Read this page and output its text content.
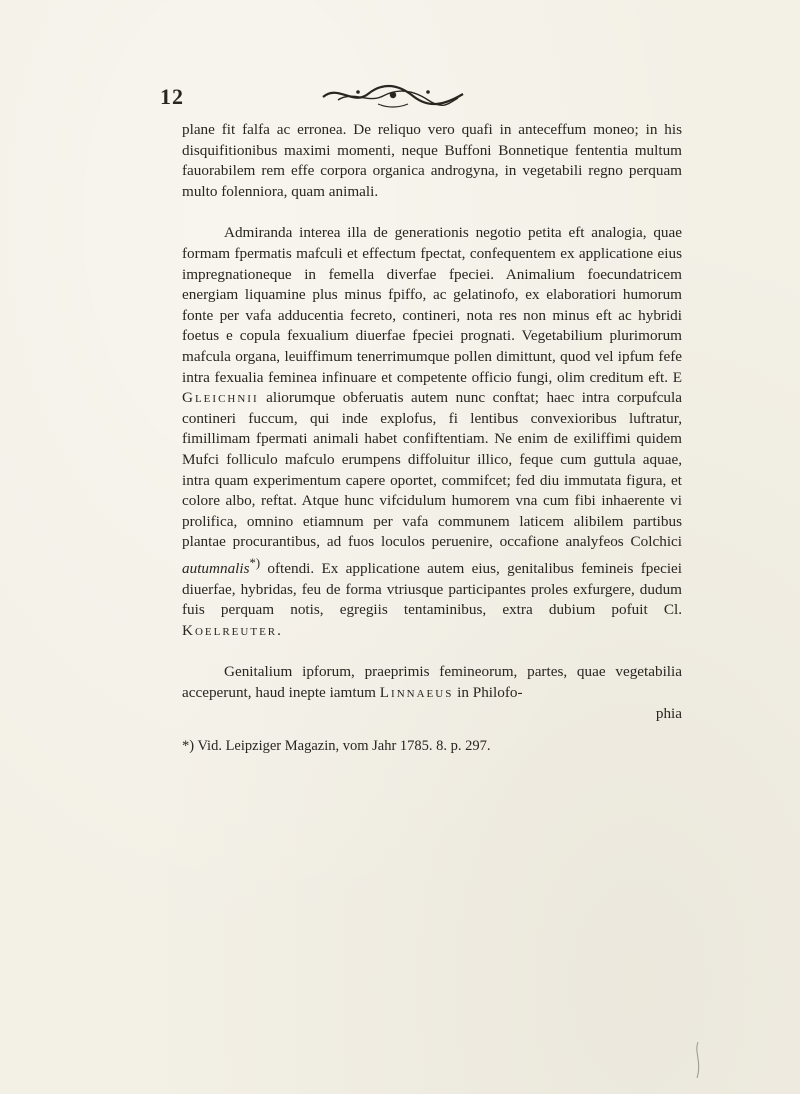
12

plane fit falfa ac erronea. De reliquo vero quafi in anteceffum moneo; in his disquifitionibus maximi momenti, neque Buffoni Bonnetique fententia multum fauorabilem rem effe corpora organica androgyna, in vegetabili regno perquam multo folenniora, quam animali.

Admiranda interea illa de generationis negotio petita eft analogia, quae formam fpermatis mafculi et effectum fpectat, confequentem ex applicatione eius impregnationeque in femella diverfae fpeciei. Animalium foecundatricem energiam liquamine plus minus fpiffo, ac gelatinofo, ex elaboratiori humorum fonte per vafa adducentia fecreto, contineri, nota res non minus eft ac hybridi foetus e copula fexualium diuerfae fpeciei prognati. Vegetabilium plurimorum mafcula organa, leuiffimum tenerrimumque pollen dimittunt, quod vel ipfum fefe intra fexualia feminea infinuare et competente officio fungi, olim creditum eft. E Gleichnii aliorumque obferuatis autem nunc conftat; haec intra corpufcula contineri fuccum, qui inde explofus, fi lentibus convexioribus luftratur, fimillimam fpermati animali habet confiftentiam. Ne enim de exiliffimi quidem Mufci folliculo mafculo erumpens diffoluitur illico, feque cum guttula aquae, intra quam experimentum capere oportet, commifcet; fed diu immutata figura, et colore albo, reftat. Atque hunc vifcidulum humorem vna cum fibi inhaerente vi prolifica, omnino etiamnum per vafa communem laticem alibilem partibus plantae procurantibus, ad fuos loculos peruenire, occafione analyfeos Colchici autumnalis*) oftendi. Ex applicatione autem eius, genitalibus femineis fpeciei diuerfae, hybridas, feu de forma vtriusque participantes proles exfurgere, dudum fuis perquam notis, egregiis tentaminibus, extra dubium pofuit Cl. Koelreuter.

Genitalium ipforum, praeprimis femineorum, partes, quae vegetabilia acceperunt, haud inepte iamtum Linnaeus in Philofo-

phia

*) Vid. Leipziger Magazin, vom Jahr 1785. 8. p. 297.
